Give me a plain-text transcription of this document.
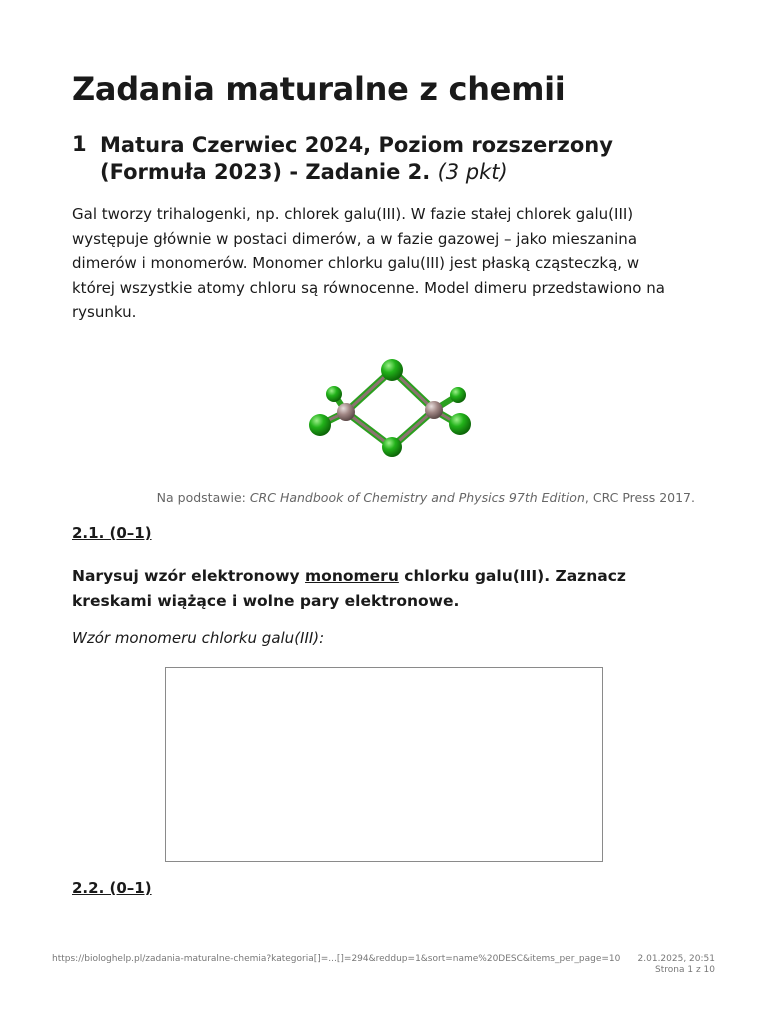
Zadania maturalne z chemii
1 Matura Czerwiec 2024, Poziom rozszerzony (Formuła 2023) - Zadanie 2. (3 pkt)

Gal tworzy trihalogenki, np. chlorek galu(III). W fazie stałej chlorek galu(III) występuje głównie w postaci dimerów, a w fazie gazowej – jako mieszanina dimerów i monomerów. Monomer chlorku galu(III) jest płaską cząsteczką, w której wszystkie atomy chloru są równocenne. Model dimeru przedstawiono na rysunku.

Na podstawie: CRC Handbook of Chemistry and Physics 97th Edition, CRC Press 2017.

2.1. (0–1)

Narysuj wzór elektronowy monomeru chlorku galu(III). Zaznacz kreskami wiążące i wolne pary elektronowe.

Wzór monomeru chlorku galu(III):

2.2. (0–1)

https://biologhelp.pl/zadania-maturalne-chemia?kategoria[]=...[]=294&reddup=1&sort=name%20DESC&items_per_page=10	2.01.2025, 20:51
Strona 1 z 10
